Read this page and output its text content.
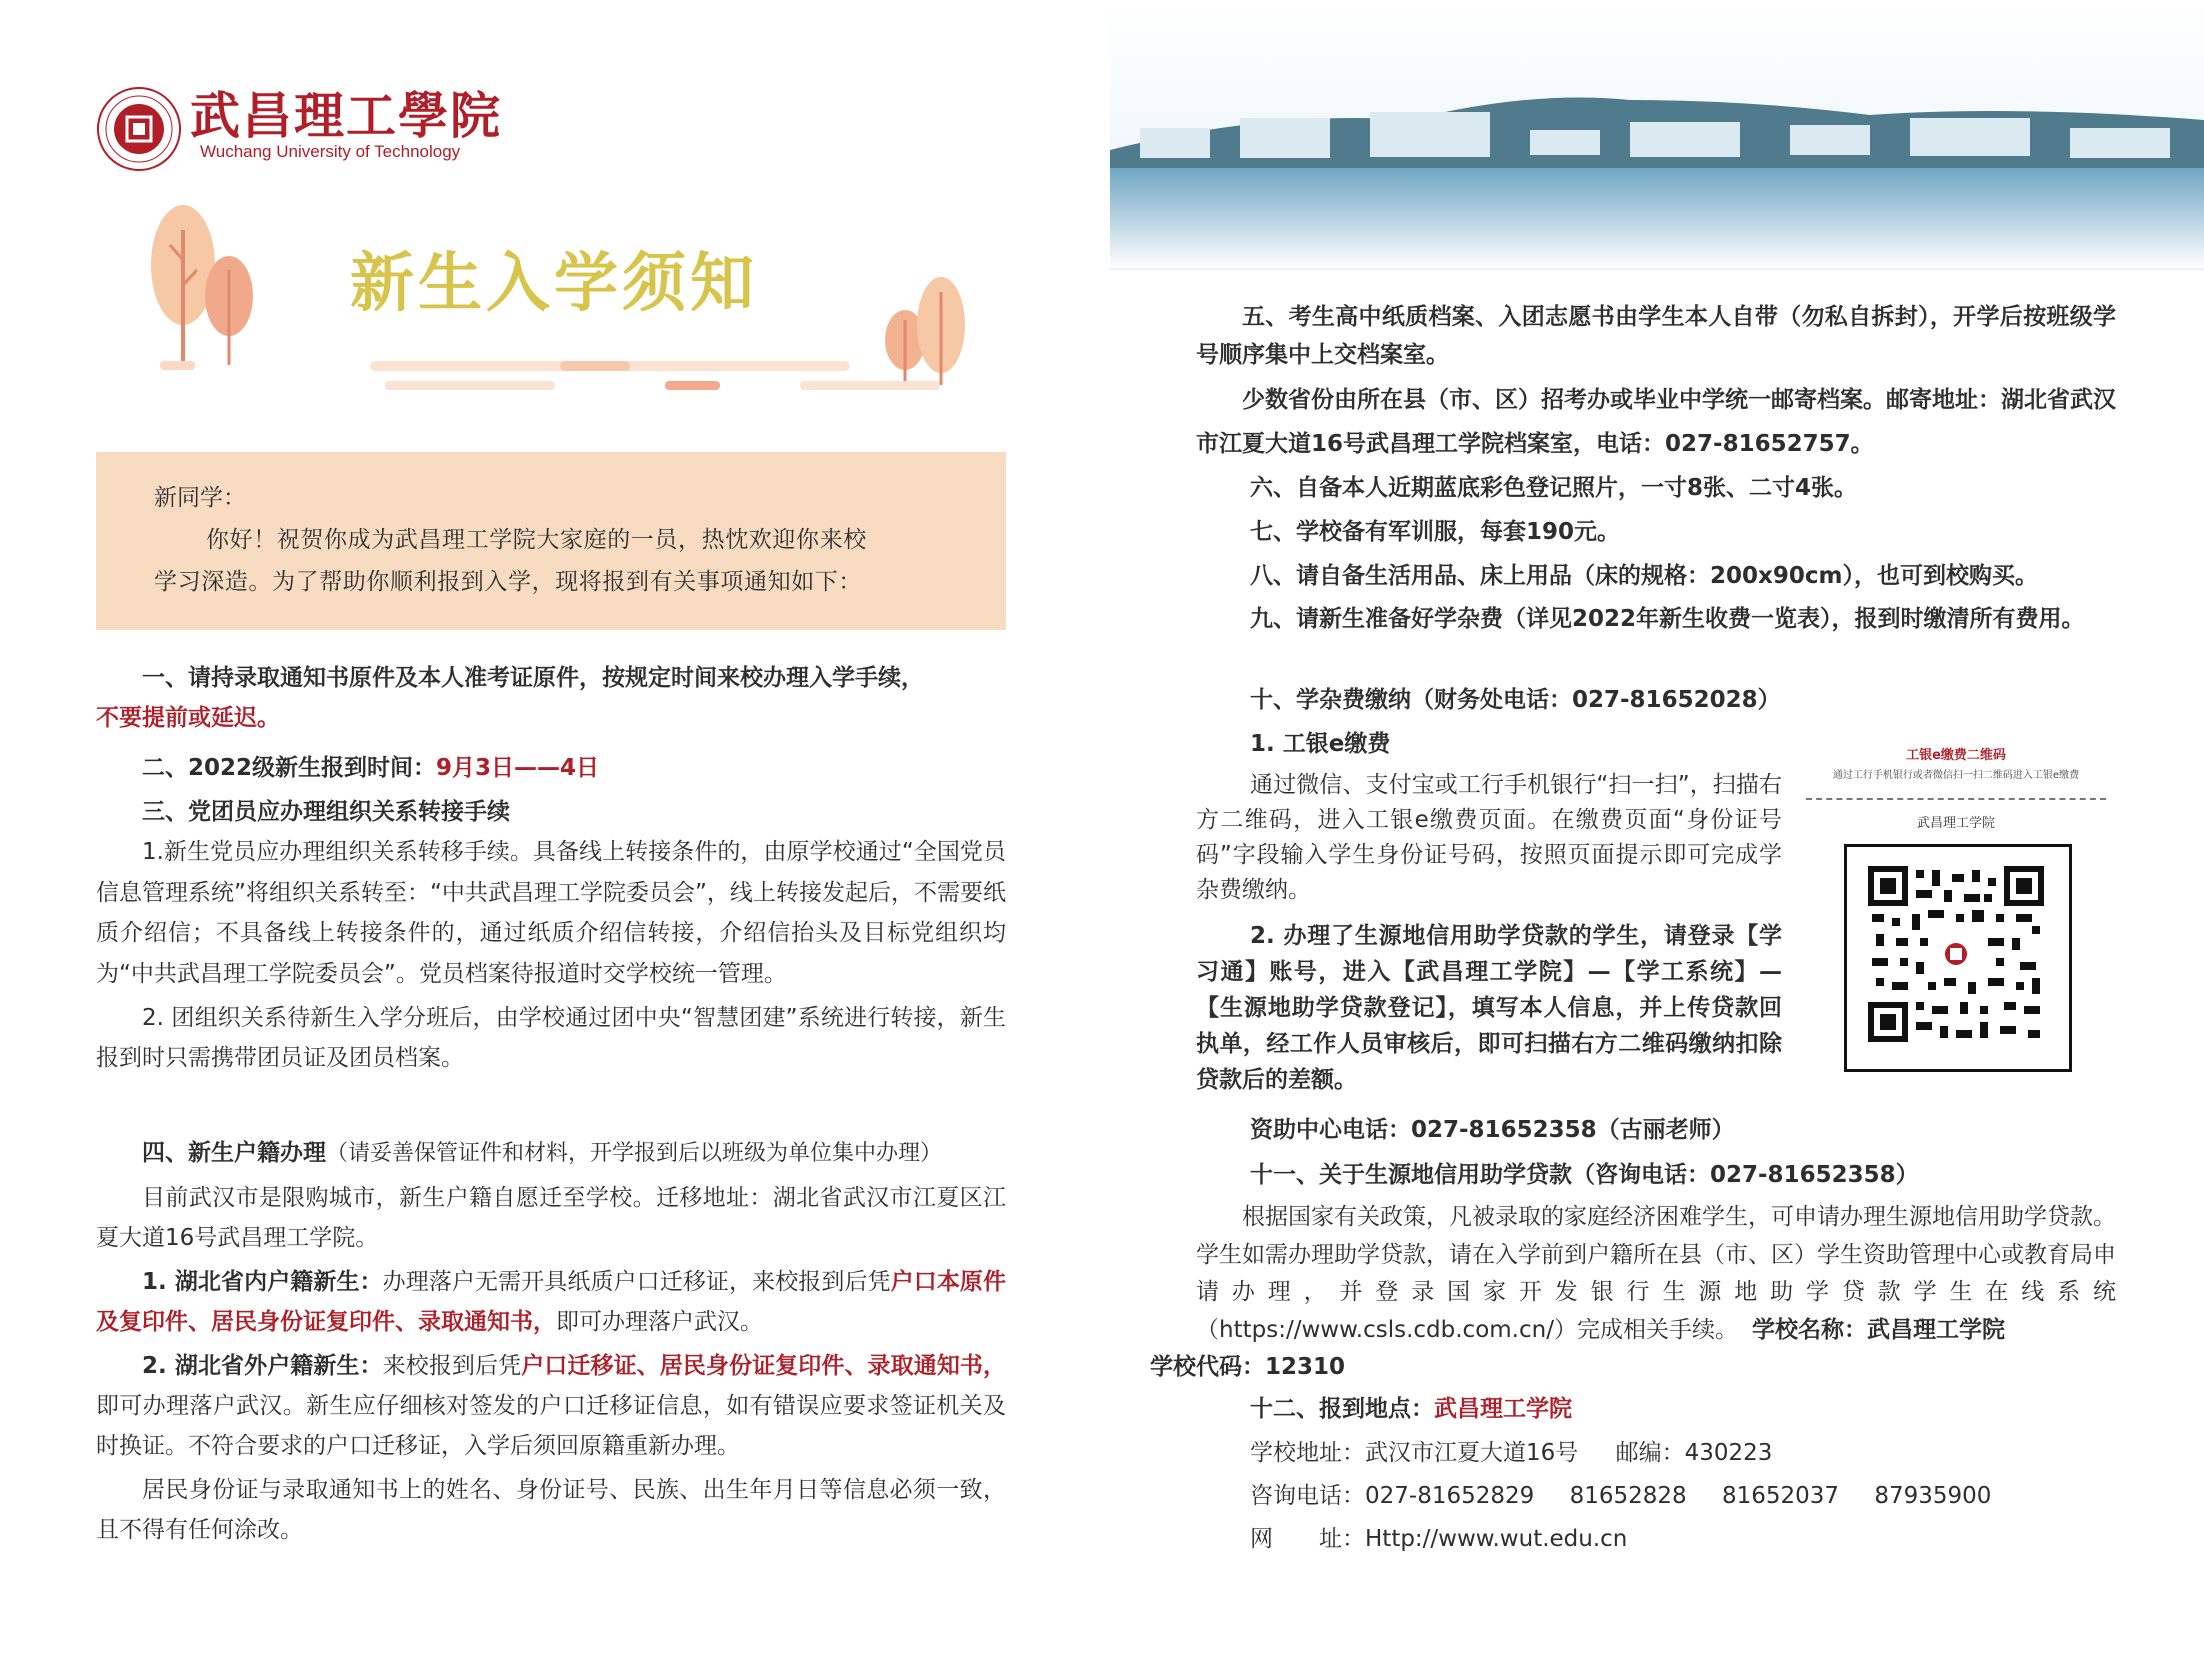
武昌理工學院
Wuchang University of Technology
新生入学须知
新同学：
你好！祝贺你成为武昌理工学院大家庭的一员，热忱欢迎你来校
学习深造。为了帮助你顺利报到入学，现将报到有关事项通知如下：

一、请持录取通知书原件及本人准考证原件，按规定时间来校办理入学手续，

不要提前或延迟。

二、2022级新生报到时间：9月3日——4日

三、党团员应办理组织关系转接手续

1.新生党员应办理组织关系转移手续。具备线上转接条件的，由原学校通过“全国党员信息管理系统”将组织关系转至：“中共武昌理工学院委员会”，线上转接发起后，不需要纸质介绍信；不具备线上转接条件的，通过纸质介绍信转接，介绍信抬头及目标党组织均为“中共武昌理工学院委员会”。党员档案待报道时交学校统一管理。

2. 团组织关系待新生入学分班后，由学校通过团中央“智慧团建”系统进行转接，新生报到时只需携带团员证及团员档案。

四、新生户籍办理（请妥善保管证件和材料，开学报到后以班级为单位集中办理）

目前武汉市是限购城市，新生户籍自愿迁至学校。迁移地址：湖北省武汉市江夏区江夏大道16号武昌理工学院。

1. 湖北省内户籍新生：办理落户无需开具纸质户口迁移证，来校报到后凭户口本原件及复印件、居民身份证复印件、录取通知书，即可办理落户武汉。

2. 湖北省外户籍新生：来校报到后凭户口迁移证、居民身份证复印件、录取通知书，即可办理落户武汉。新生应仔细核对签发的户口迁移证信息，如有错误应要求签证机关及时换证。不符合要求的户口迁移证，入学后须回原籍重新办理。

居民身份证与录取通知书上的姓名、身份证号、民族、出生年月日等信息必须一致，且不得有任何涂改。

五、考生高中纸质档案、入团志愿书由学生本人自带（勿私自拆封），开学后按班级学号顺序集中上交档案室。

少数省份由所在县（市、区）招考办或毕业中学统一邮寄档案。邮寄地址：湖北省武汉市江夏大道16号武昌理工学院档案室，电话：027-81652757。

六、自备本人近期蓝底彩色登记照片，一寸8张、二寸4张。
七、学校备有军训服，每套190元。
八、请自备生活用品、床上用品（床的规格：200x90cm），也可到校购买。
九、请新生准备好学杂费（详见2022年新生收费一览表），报到时缴清所有费用。
十、学杂费缴纳（财务处电话：027-81652028）
1. 工银e缴费
通过微信、支付宝或工行手机银行“扫一扫”，扫描右方二维码，进入工银e缴费页面。在缴费页面“身份证号码”字段输入学生身份证号码，按照页面提示即可完成学杂费缴纳。
2. 办理了生源地信用助学贷款的学生，请登录【学习通】账号，进入【武昌理工学院】—【学工系统】—【生源地助学贷款登记】，填写本人信息，并上传贷款回执单，经工作人员审核后，即可扫描右方二维码缴纳扣除贷款后的差额。
工银e缴费二维码
通过工行手机银行或者微信扫一扫二维码进入工银e缴费
武昌理工学院
资助中心电话：027-81652358（古丽老师）
十一、关于生源地信用助学贷款（咨询电话：027-81652358）

根据国家有关政策，凡被录取的家庭经济困难学生，可申请办理生源地信用助学贷款。学生如需办理助学贷款，请在入学前到户籍所在县（市、区）学生资助管理中心或教育局申请办理，并登录国家开发银行生源地助学贷款学生在线系统（https://www.csls.cdb.com.cn/）完成相关手续。 学校名称：武昌理工学院
学校代码：12310

十二、报到地点：武昌理工学院
学校地址：武汉市江夏大道16号 邮编：430223
咨询电话：027-81652829 81652828 81652037 87935900
网　　址：Http://www.wut.edu.cn
